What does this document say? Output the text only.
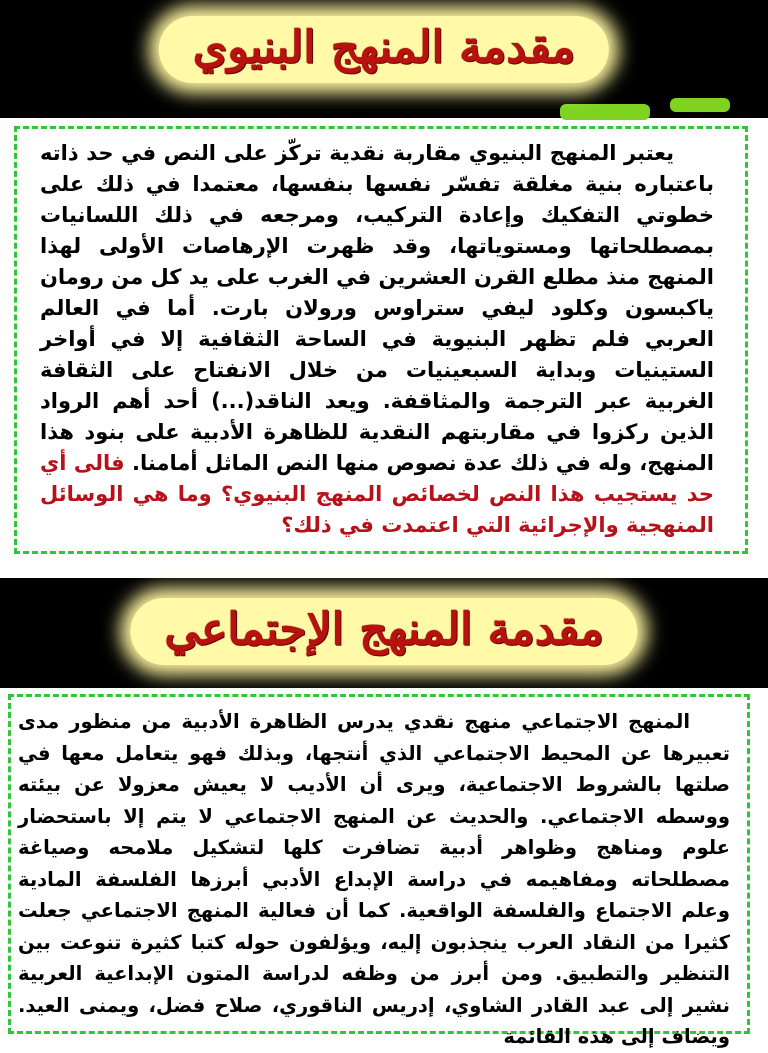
مقدمة المنهج البنيوي
يعتبر المنهج البنيوي مقاربة نقدية تركّز على النص في حد ذاته باعتباره بنية مغلقة تفسّر نفسها بنفسها، معتمدا في ذلك على خطوتي التفكيك وإعادة التركيب، ومرجعه في ذلك اللسانيات بمصطلحاتها ومستوياتها، وقد ظهرت الإرهاصات الأولى لهذا المنهج منذ مطلع القرن العشرين في الغرب على يد كل من رومان ياكبسون وكلود ليفي ستراوس ورولان بارت. أما في العالم العربي فلم تظهر البنيوية في الساحة الثقافية إلا في أواخر الستينيات وبداية السبعينيات من خلال الانفتاح على الثقافة الغربية عبر الترجمة والمثاقفة. ويعد الناقد(...) أحد أهم الرواد الذين ركزوا في مقاربتهم النقدية للظاهرة الأدبية على بنود هذا المنهج، وله في ذلك عدة نصوص منها النص الماثل أمامنا. فالى أي حد يستجيب هذا النص لخصائص المنهج البنيوي؟ وما هي الوسائل المنهجية والإجرائية التي اعتمدت في ذلك؟
مقدمة المنهج الإجتماعي
المنهج الاجتماعي منهج نقدي يدرس الظاهرة الأدبية من منظور مدى تعبيرها عن المحيط الاجتماعي الذي أنتجها، وبذلك فهو يتعامل معها في صلتها بالشروط الاجتماعية، ويرى أن الأديب لا يعيش معزولا عن بيئته ووسطه الاجتماعي. والحديث عن المنهج الاجتماعي لا يتم إلا باستحضار علوم ومناهج وظواهر أدبية تضافرت كلها لتشكيل ملامحه وصياغة مصطلحاته ومفاهيمه في دراسة الإبداع الأدبي أبرزها الفلسفة المادية وعلم الاجتماع والفلسفة الواقعية. كما أن فعالية المنهج الاجتماعي جعلت كثيرا من النقاد العرب ينجذبون إليه، ويؤلفون حوله كتبا كثيرة تنوعت بين التنظير والتطبيق. ومن أبرز من وظفه لدراسة المتون الإبداعية العربية نشير إلى عبد القادر الشاوي، إدريس الناقوري، صلاح فضل، ويمنى العيد. ويضاف إلى هذه القائمة
